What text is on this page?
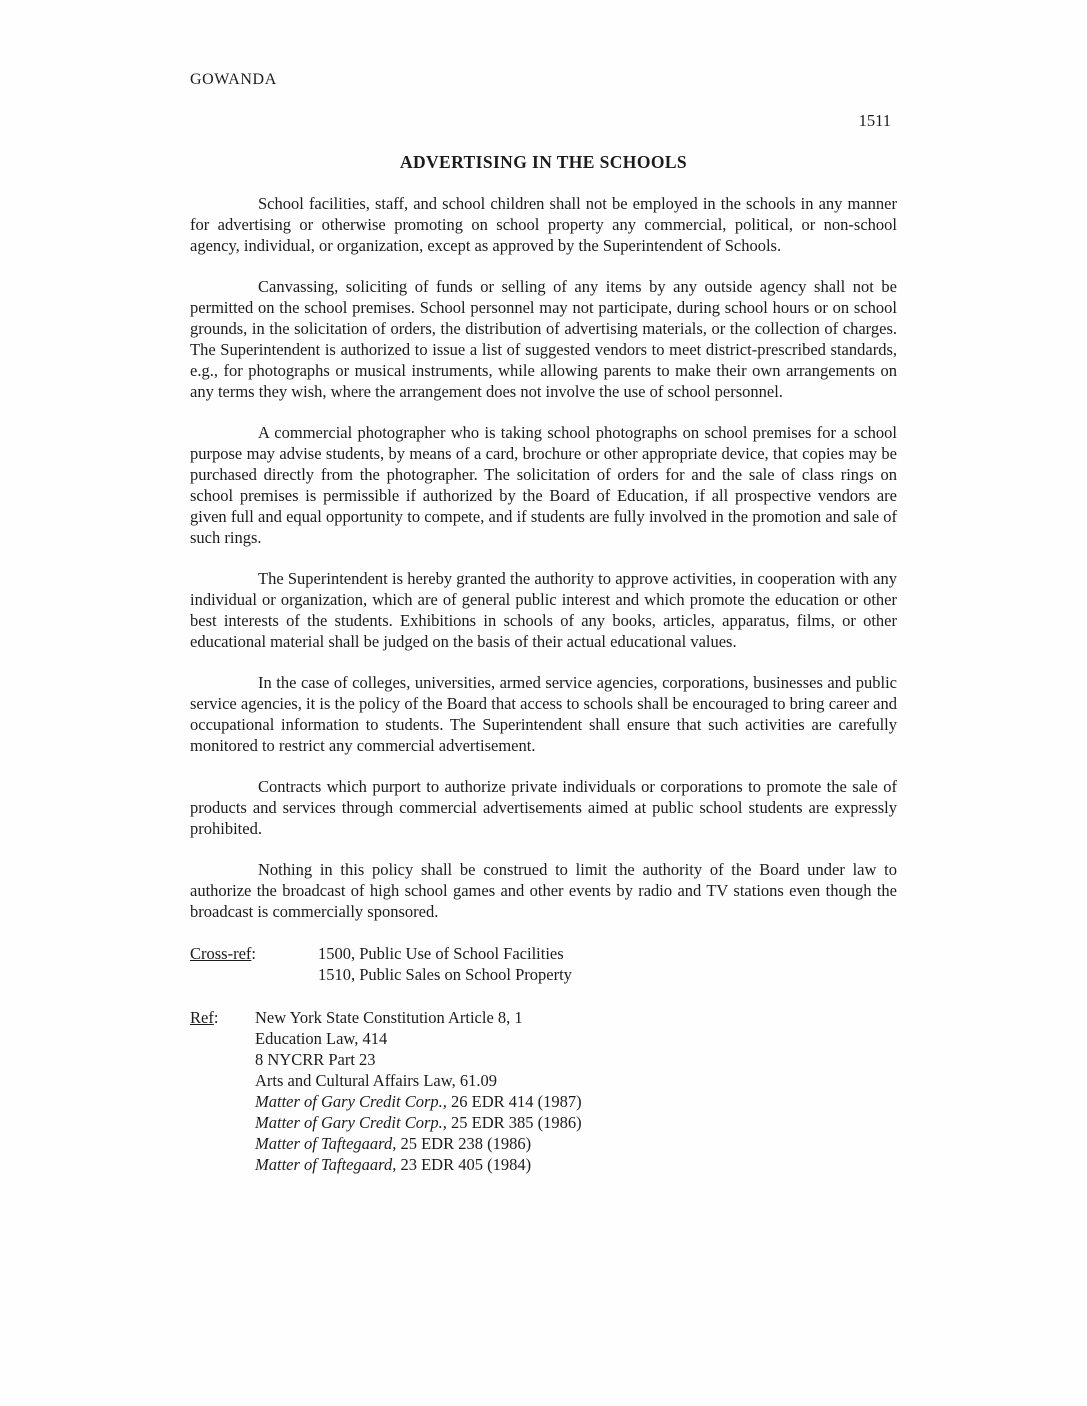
GOWANDA
1511
ADVERTISING IN THE SCHOOLS

School facilities, staff, and school children shall not be employed in the schools in any manner for advertising or otherwise promoting on school property any commercial, political, or non-school agency, individual, or organization, except as approved by the Superintendent of Schools.

Canvassing, soliciting of funds or selling of any items by any outside agency shall not be permitted on the school premises. School personnel may not participate, during school hours or on school grounds, in the solicitation of orders, the distribution of advertising materials, or the collection of charges. The Superintendent is authorized to issue a list of suggested vendors to meet district-prescribed standards, e.g., for photographs or musical instruments, while allowing parents to make their own arrangements on any terms they wish, where the arrangement does not involve the use of school personnel.

A commercial photographer who is taking school photographs on school premises for a school purpose may advise students, by means of a card, brochure or other appropriate device, that copies may be purchased directly from the photographer. The solicitation of orders for and the sale of class rings on school premises is permissible if authorized by the Board of Education, if all prospective vendors are given full and equal opportunity to compete, and if students are fully involved in the promotion and sale of such rings.

The Superintendent is hereby granted the authority to approve activities, in cooperation with any individual or organization, which are of general public interest and which promote the education or other best interests of the students. Exhibitions in schools of any books, articles, apparatus, films, or other educational material shall be judged on the basis of their actual educational values.

In the case of colleges, universities, armed service agencies, corporations, businesses and public service agencies, it is the policy of the Board that access to schools shall be encouraged to bring career and occupational information to students. The Superintendent shall ensure that such activities are carefully monitored to restrict any commercial advertisement.

Contracts which purport to authorize private individuals or corporations to promote the sale of products and services through commercial advertisements aimed at public school students are expressly prohibited.

Nothing in this policy shall be construed to limit the authority of the Board under law to authorize the broadcast of high school games and other events by radio and TV stations even though the broadcast is commercially sponsored.

Cross-ref:	1500, Public Use of School Facilities
1510, Public Sales on School Property
Ref:	New York State Constitution Article 8, 1
Education Law, 414
8 NYCRR Part 23
Arts and Cultural Affairs Law, 61.09
Matter of Gary Credit Corp., 26 EDR 414 (1987)
Matter of Gary Credit Corp., 25 EDR 385 (1986)
Matter of Taftegaard, 25 EDR 238 (1986)
Matter of Taftegaard, 23 EDR 405 (1984)
